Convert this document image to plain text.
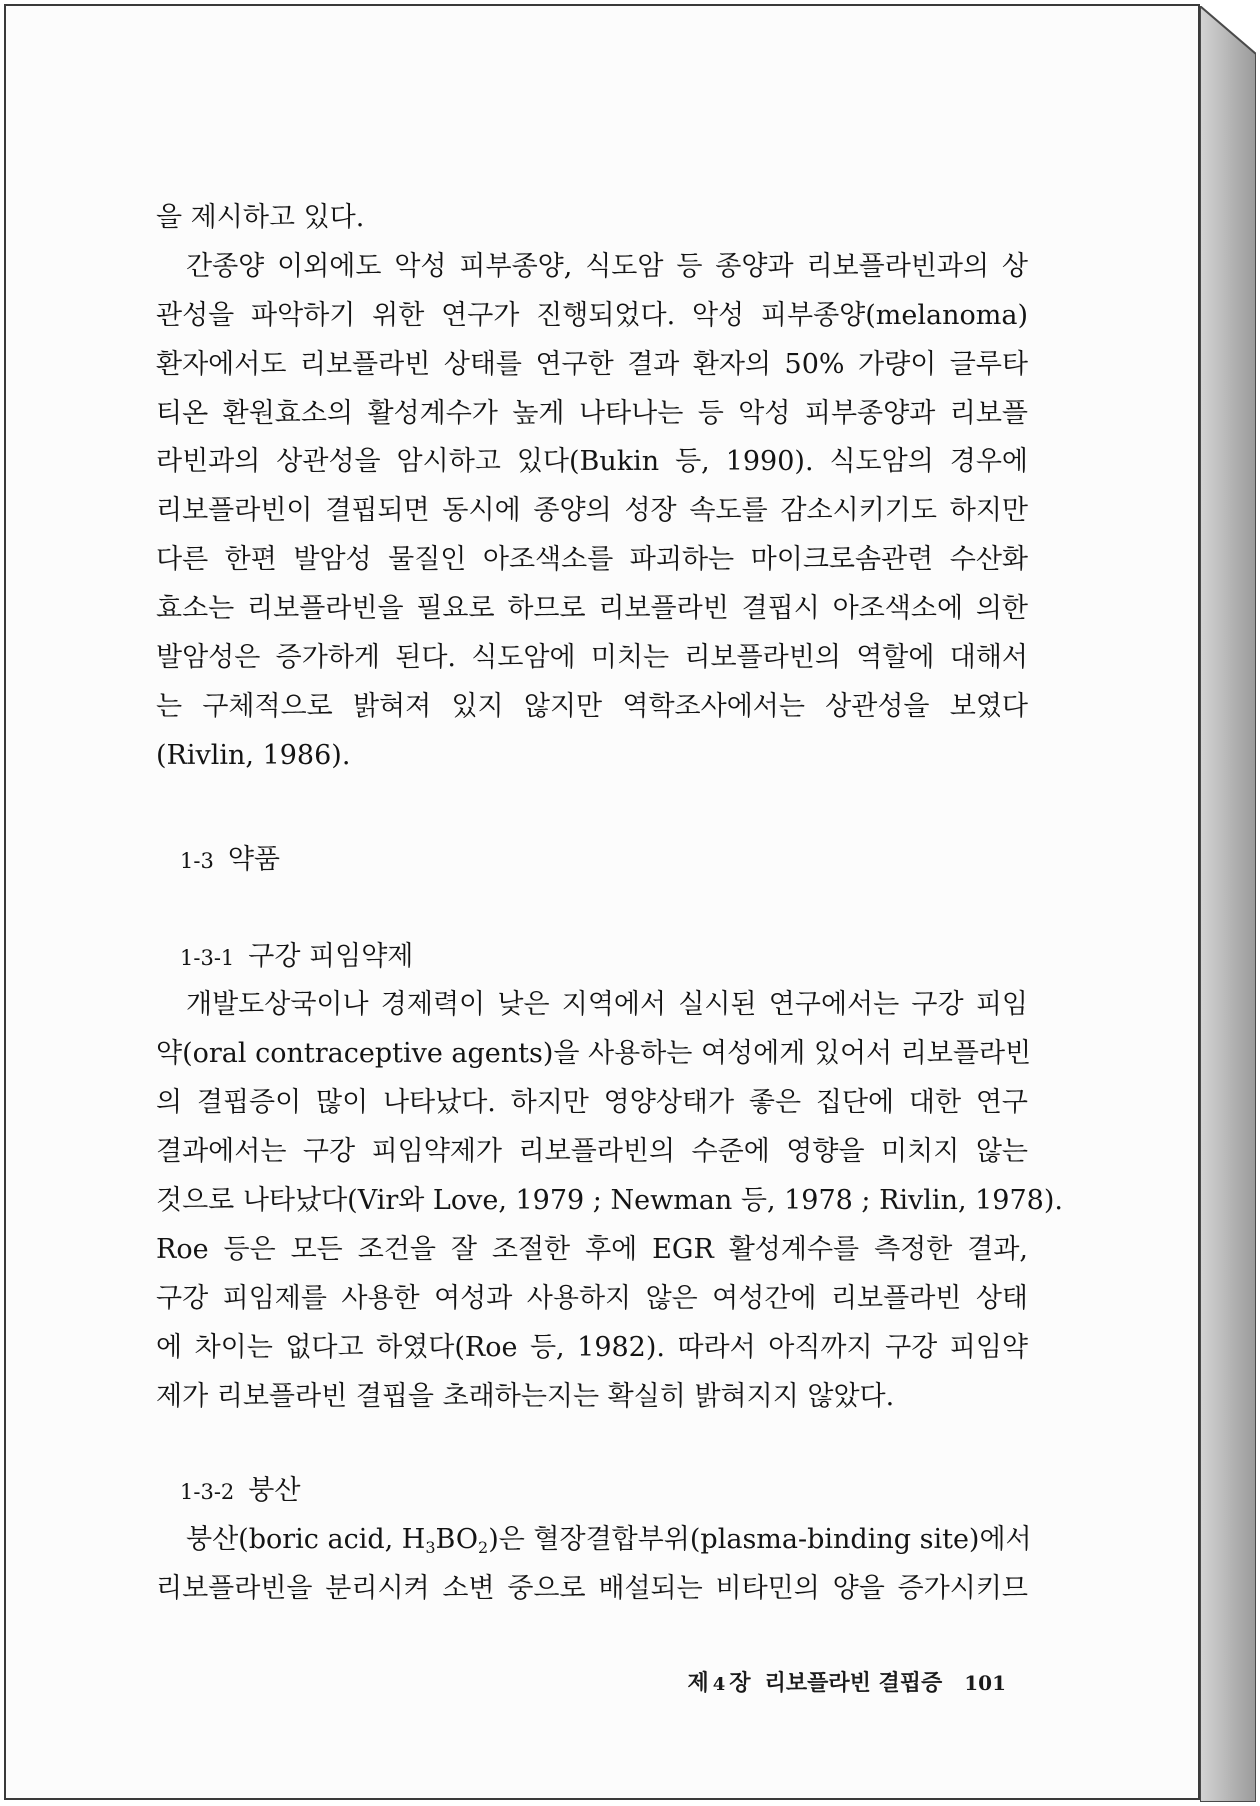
을 제시하고 있다.
간종양 이외에도 악성 피부종양, 식도암 등 종양과 리보플라빈과의 상
관성을 파악하기 위한 연구가 진행되었다. 악성 피부종양(melanoma)
환자에서도 리보플라빈 상태를 연구한 결과 환자의 50% 가량이 글루타
티온 환원효소의 활성계수가 높게 나타나는 등 악성 피부종양과 리보플
라빈과의 상관성을 암시하고 있다(Bukin 등, 1990). 식도암의 경우에
리보플라빈이 결핍되면 동시에 종양의 성장 속도를 감소시키기도 하지만
다른 한편 발암성 물질인 아조색소를 파괴하는 마이크로솜관련 수산화
효소는 리보플라빈을 필요로 하므로 리보플라빈 결핍시 아조색소에 의한
발암성은 증가하게 된다. 식도암에 미치는 리보플라빈의 역할에 대해서
는 구체적으로 밝혀져 있지 않지만 역학조사에서는 상관성을 보였다
(Rivlin, 1986).
1-3 약품
1-3-1 구강 피임약제
개발도상국이나 경제력이 낮은 지역에서 실시된 연구에서는 구강 피임
약(oral contraceptive agents)을 사용하는 여성에게 있어서 리보플라빈
의 결핍증이 많이 나타났다. 하지만 영양상태가 좋은 집단에 대한 연구
결과에서는 구강 피임약제가 리보플라빈의 수준에 영향을 미치지 않는
것으로 나타났다(Vir와 Love, 1979 ; Newman 등, 1978 ; Rivlin, 1978).
Roe 등은 모든 조건을 잘 조절한 후에 EGR 활성계수를 측정한 결과,
구강 피임제를 사용한 여성과 사용하지 않은 여성간에 리보플라빈 상태
에 차이는 없다고 하였다(Roe 등, 1982). 따라서 아직까지 구강 피임약
제가 리보플라빈 결핍을 초래하는지는 확실히 밝혀지지 않았다.
1-3-2 붕산
붕산(boric acid, $H_3BO_2$)은 혈장결합부위(plasma-binding site)에서
리보플라빈을 분리시켜 소변 중으로 배설되는 비타민의 양을 증가시키므
제 4 장 리보플라빈 결핍증 101
